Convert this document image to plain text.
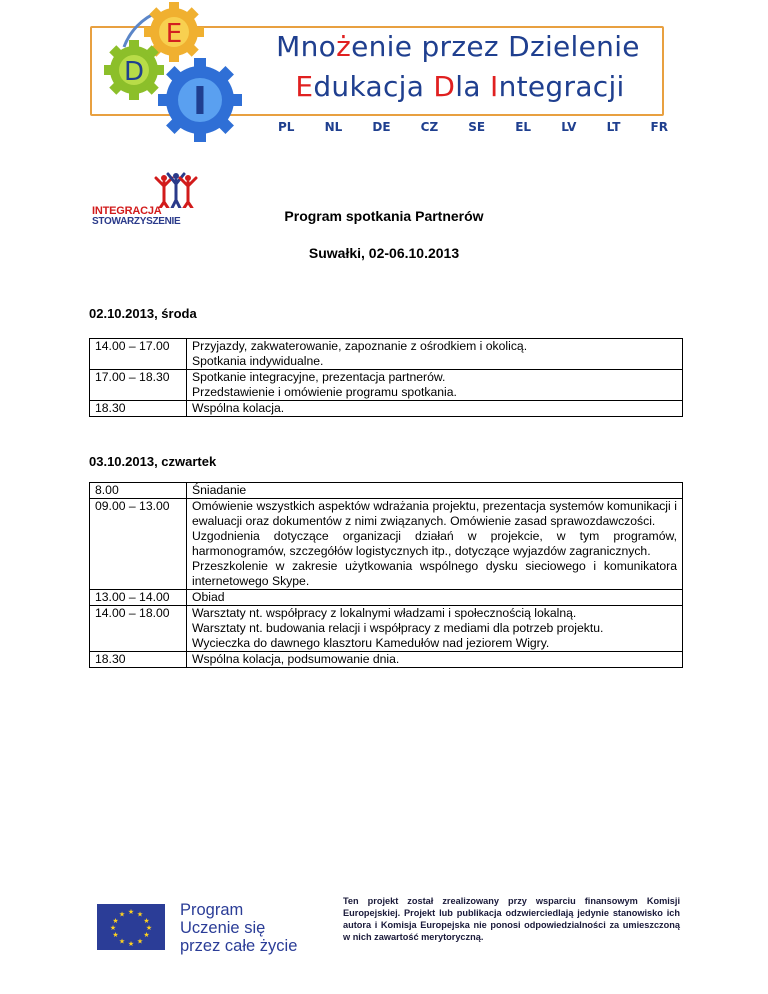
E
D
I
Mnożenie przez Dzielenie
Edukacja Dla Integracji
PL	NL	DE	CZ	SE	EL	LV	LT	FR
INTEGRACJA
STOWARZYSZENIE	Program spotkania Partnerów
Suwałki, 02-06.10.2013
02.10.2013, środa
14.00 – 17.00	Przyjazdy, zakwaterowanie, zapoznanie z ośrodkiem i okolicą.

Spotkania indywidualne.

17.00 – 18.30	Spotkanie integracyjne, prezentacja partnerów.

Przedstawienie i omówienie programu spotkania.

18.30	Wspólna kolacja.

03.10.2013, czwartek
8.00	Śniadanie

09.00 – 13.00	Omówienie wszystkich aspektów wdrażania projektu, prezentacja systemów komunikacji i ewaluacji oraz dokumentów z nimi związanych. Omówienie zasad sprawozdawczości.

Uzgodnienia dotyczące organizacji działań w projekcie, w tym programów, harmonogramów, szczegółów logistycznych itp., dotyczące wyjazdów zagranicznych.

Przeszkolenie w zakresie użytkowania wspólnego dysku sieciowego i komunikatora internetowego Skype.

13.00 – 14.00	Obiad

14.00 – 18.00	Warsztaty nt. współpracy z lokalnymi władzami i społecznością lokalną.

Warsztaty nt. budowania relacji i współpracy z mediami dla potrzeb projektu.

Wycieczka do dawnego klasztoru Kamedułów nad jeziorem Wigry.

18.30	Wspólna kolacja, podsumowanie dnia.

★ ★
★
★
★
★
★
★
★
★
★
★	Program
Uczenie się
przez całe życie
Ten projekt został zrealizowany przy wsparciu finansowym Komisji Europejskiej. Projekt lub publikacja odzwierciedlają jedynie stanowisko ich autora i Komisja Europejska nie ponosi odpowiedzialności za umieszczoną w nich zawartość merytoryczną.
